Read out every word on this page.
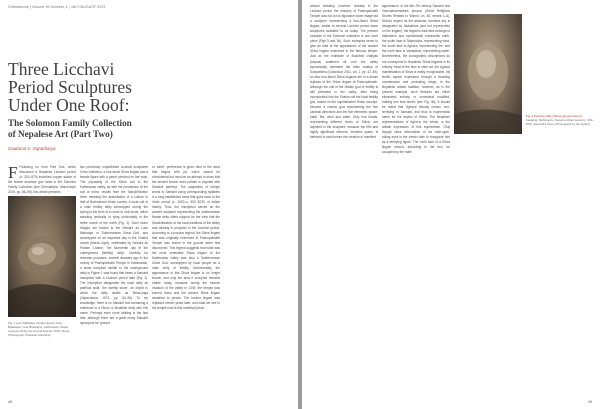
Orientations | Volume 50 Number 4 | JULY/AUGUST 2019
Three Licchavi Period Sculptures Under One Roof:
The Solomon Family Collection of Nepalese Art (Part Two)
Gautama V. Vajracharya
F Following on from Part One, which discussed a Nepalese Licchavi period (c. 300–879) inscribed copper statue of the Newar ancestor god Indra in the Solomon Family Collection (see Orientations, March/April 2019, pp. 86–95), this article presents
Fig. 1 Luku Mahadya ('Subterranean God') Bhaktapur, near Bhaktapur, Kathmandu, Nepal, exposed during the annual festival, 2019. Stone (Photograph: Prasanth Shrestha)
two previously unpublished Licchavi sculptures in the collection, a four-faced Shiva lingam and a female figure with a parrot perched on her wrist. The popularity of the Shiva cult in the Kathmandu valley, as with the prevalence of the cult of Indra, results from the Sanskritization there meaning the assimilation of a culture to that of Brahminical Hindu society. A local cult of a male fertility deity worshipped during the spring in the form of a round or oval stone, either standing vertically or lying horizontally in the fertile womb of the earth (Fig. 1). Such stone images are known to the Newars as Luku Mahadya, or 'Subterranean Great God', and worshipped on an important day in the Chaitra month (March–April), celebrated by Newars as Paham Chahre, 'the fourteenth day of the underground (fertility) deity'. Usefully for research purposes, several decades ago in the vicinity of Pashupatinath Temple in Kathmandu, a stone sculpture similar to the underground deity in Figure 1 was found that bears a Sanskrit inscription with a Licchavi period date (Fig. 2). The inscription designates the local deity as parthiva shila, 'the earthly stone', an object in which the deity dwells as Shiva-linga (Vajracharya, 1973, pp. 54–55). To my knowledge, there is no Sanskrit text containing a reference to a Hindu or Buddhist deity with this name. Perhaps even more striking is the fact that, although there are a great many Sanskrit synonyms for 'ground'
or 'earth', preference is given here to the word that begins with pa, which cannot be coincidental but must be an attempt to show that the ancient Newar word paham is cognate with Sanskrit parthiva. The adaptation of foreign words to Sanskrit using corresponding syllables is a long-established trend that goes back to the Vedic period (c. 1500–c. 500 BCE) of Indian history. Thus, the inscription carved on the ancient sculpture representing the subterranean Newar deity offers support for the view that the Sanskritization of the local traditions of the valley was already in progress in the Licchavi period. According to a popular legend, the Shiva lingam that was originally enshrined in Pashupatinath Temple was buried in the ground when first discovered. This legend suggests that what was the most venerated Shiva lingam of the Kathmandu valley was also a Subterranean Great God, worshipped by local people as a male deity of fertility. Unfortunately the appearance of this Shiva lingam is no longer known, and only the area it occupied remains visible today, because during the Islamic invasion of the valley in 1349, the temple was burned down and the ancient Shiva lingam smashed to pieces. The broken lingam was replaced eleven years later, and what we see in the temple now is this medieval piece.
48
Almost certainly, however, already in the Licchavi period the mandiry of Pashupatinath Temple was not a non-figurative stone image but a sculpture representing a four-faced Shiva lingam, similar to several Licchavi period stone sculptures available to us today. The present example in the Solomon collection is one such piece (Figs 3 and 3b). Such examples serve to give an idea of the appearance of the ancient Shiva lingam enshrined in the famous temple. Just as the multitude of Buddhist chaityas (stupas) scattered all over the valley symbolically represent the main chaitya of Svayambhu (Gutschow, 2011, vol. 1, pp. 47–49), so also four-faced Shiva lingams are in a sense replicas of the Shiva lingam at Pashupatinath. Although the cult of the hidden god of fertility is still prevalent in the valley, after being incorporated into the Shaiva cult the local fertility god, based on the sophisticated Hindu concept, became a cosmic god representing the five cardinal directions and the five elements: space, earth, fire, wind and water. Only four heads, representing different forms of Shiva, are depicted in the sculpture, because the fifth and highly significant element, formless space, is believed to exist before the creation of manifest
appearance. In the 6th–7th century Sanskrit text Vishnudharmottara purana (Great Religious Stories Related to Vishnu; ch. 48, verses 1–6), Shiva's aspect as the absolute, formless sky is designated as Sadashiva (and not represented on the lingam), the lingam's east face belongs to Mahadeva and symbolically represents earth, the south face is Tatpurusha, representing wind, the south face is Aghora, representing fire, and the north face is Vamadeva, representing water. Nevertheless, the iconographic descriptions do not correspond to Nepalese Shiva lingams in its entirety. Most of the time in stem art, the Aghora manifestation of Shiva is easily recognizable, his terrific aspect expressed through a frowning countenance and protruding fangs. In the Nepalese artistic tradition, however, as in the present example, such features are either eliminated entirely or somewhat modified, making him less terrific (see Fig. 3b). It should be noted that 'Aghora' literally means 'non-terrifying' in Sanskrit, and thus is euphemistic name for the aspect of Shiva. The Nepalese representations of Aghora, the sense, is the artistic expression of this euphemism. Only though close observation of his wide-open, rolling eyes is the viewer able to recognize him as a terrifying figure. The north face of a Shiva lingam should, according to the text, be occupied by the male
Fig. 2 Parthiva shila ('Shiva (ground stone)')
Kasajhal, Kathmandu, Nepal Licchavi period (c. 300–879), dated 514 Stone (Photograph by the author)
49
